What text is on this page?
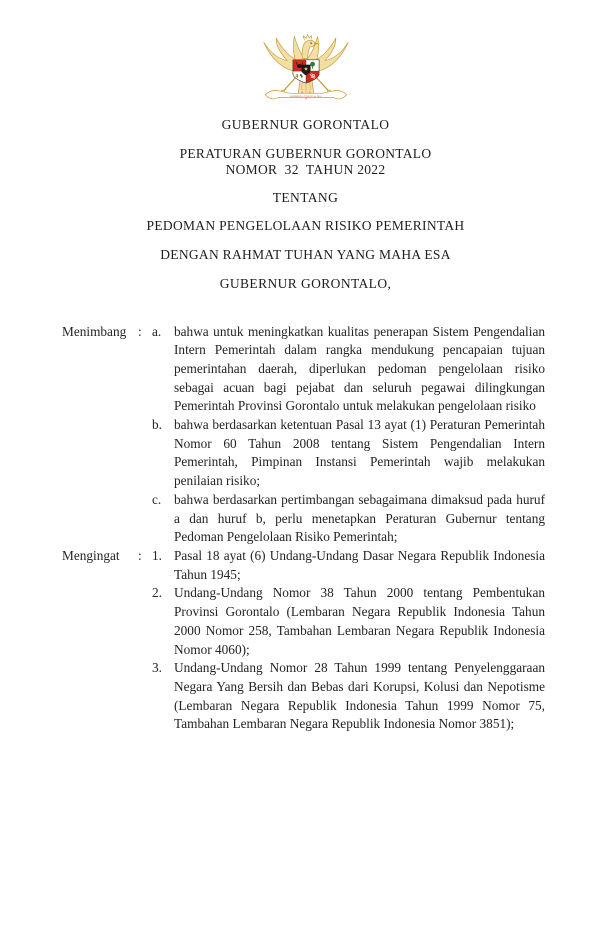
BHINNEKA TUNGGAL IKA
GUBERNUR GORONTALO
PERATURAN GUBERNUR GORONTALO
NOMOR  32  TAHUN 2022
TENTANG
PEDOMAN PENGELOLAAN RISIKO PEMERINTAH
DENGAN RAHMAT TUHAN YANG MAHA ESA
GUBERNUR GORONTALO,
Menimbang : a. bahwa untuk meningkatkan kualitas penerapan Sistem Pengendalian Intern Pemerintah dalam rangka mendukung pencapaian tujuan pemerintahan daerah, diperlukan pedoman pengelolaan risiko sebagai acuan bagi pejabat dan seluruh pegawai dilingkungan Pemerintah Provinsi Gorontalo untuk melakukan pengelolaan risiko
b. bahwa berdasarkan ketentuan Pasal 13 ayat (1) Peraturan Pemerintah Nomor 60 Tahun 2008 tentang Sistem Pengendalian Intern Pemerintah, Pimpinan Instansi Pemerintah wajib melakukan penilaian risiko;
c. bahwa berdasarkan pertimbangan sebagaimana dimaksud pada huruf a dan huruf b, perlu menetapkan Peraturan Gubernur tentang Pedoman Pengelolaan Risiko Pemerintah;
Mengingat	: 1. Pasal 18 ayat (6) Undang-Undang Dasar Negara Republik Indonesia Tahun 1945;
2. Undang-Undang Nomor 38 Tahun 2000 tentang Pembentukan Provinsi Gorontalo (Lembaran Negara Republik Indonesia Tahun 2000 Nomor 258, Tambahan Lembaran Negara Republik Indonesia Nomor 4060);
3. Undang-Undang Nomor 28 Tahun 1999 tentang Penyelenggaraan Negara Yang Bersih dan Bebas dari Korupsi, Kolusi dan Nepotisme (Lembaran Negara Republik Indonesia Tahun 1999 Nomor 75, Tambahan Lembaran Negara Republik Indonesia Nomor 3851);
